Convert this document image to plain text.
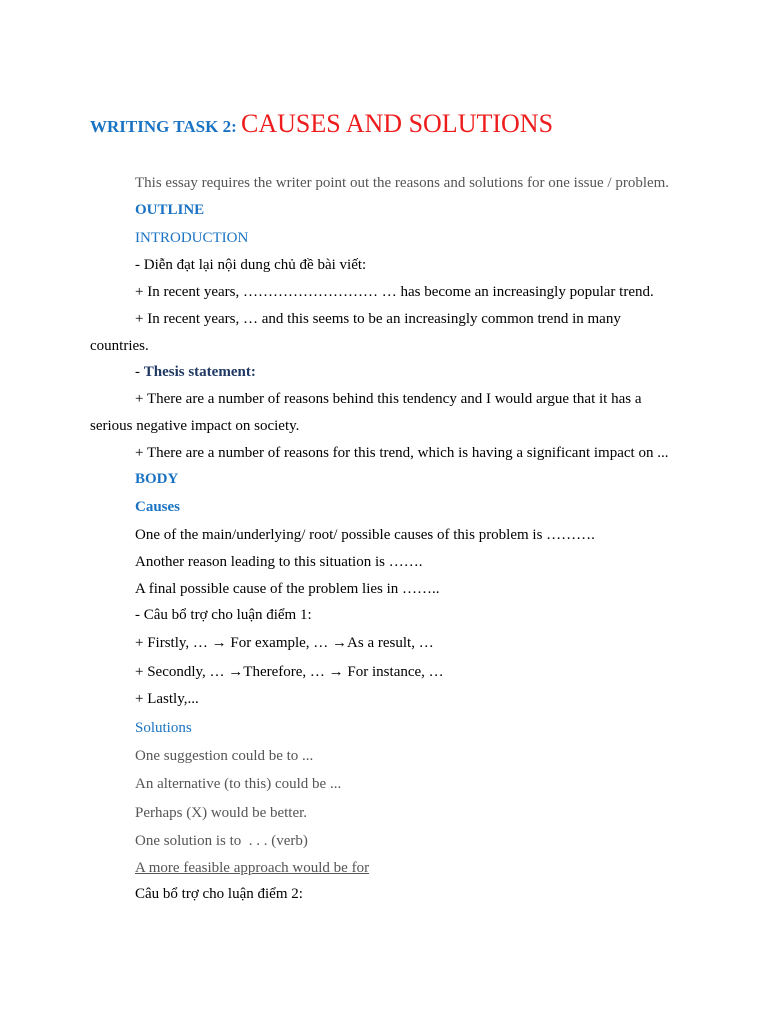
WRITING TASK 2: CAUSES AND SOLUTIONS
This essay requires the writer point out the reasons and solutions for one issue / problem.
OUTLINE
INTRODUCTION
- Diễn đạt lại nội dung chủ đề bài viết:
+ In recent years, ……………………… … has become an increasingly popular trend.
+ In recent years, … and this seems to be an increasingly common trend in many countries.
- Thesis statement:
+ There are a number of reasons behind this tendency and I would argue that it has a serious negative impact on society.
+ There are a number of reasons for this trend, which is having a significant impact on ...
BODY
Causes
One of the main/underlying/ root/ possible causes of this problem is ……….
Another reason leading to this situation is …….
A final possible cause of the problem lies in ……..
- Câu bổ trợ cho luận điểm 1:
+ Firstly, … → For example, … →As a result, …
+ Secondly, … →Therefore, … → For instance, …
+ Lastly,...
Solutions
One suggestion could be to ...
An alternative (to this) could be ...
Perhaps (X) would be better.
One solution is to  . . . (verb)
A more feasible approach would be for
Câu bổ trợ cho luận điểm 2:
